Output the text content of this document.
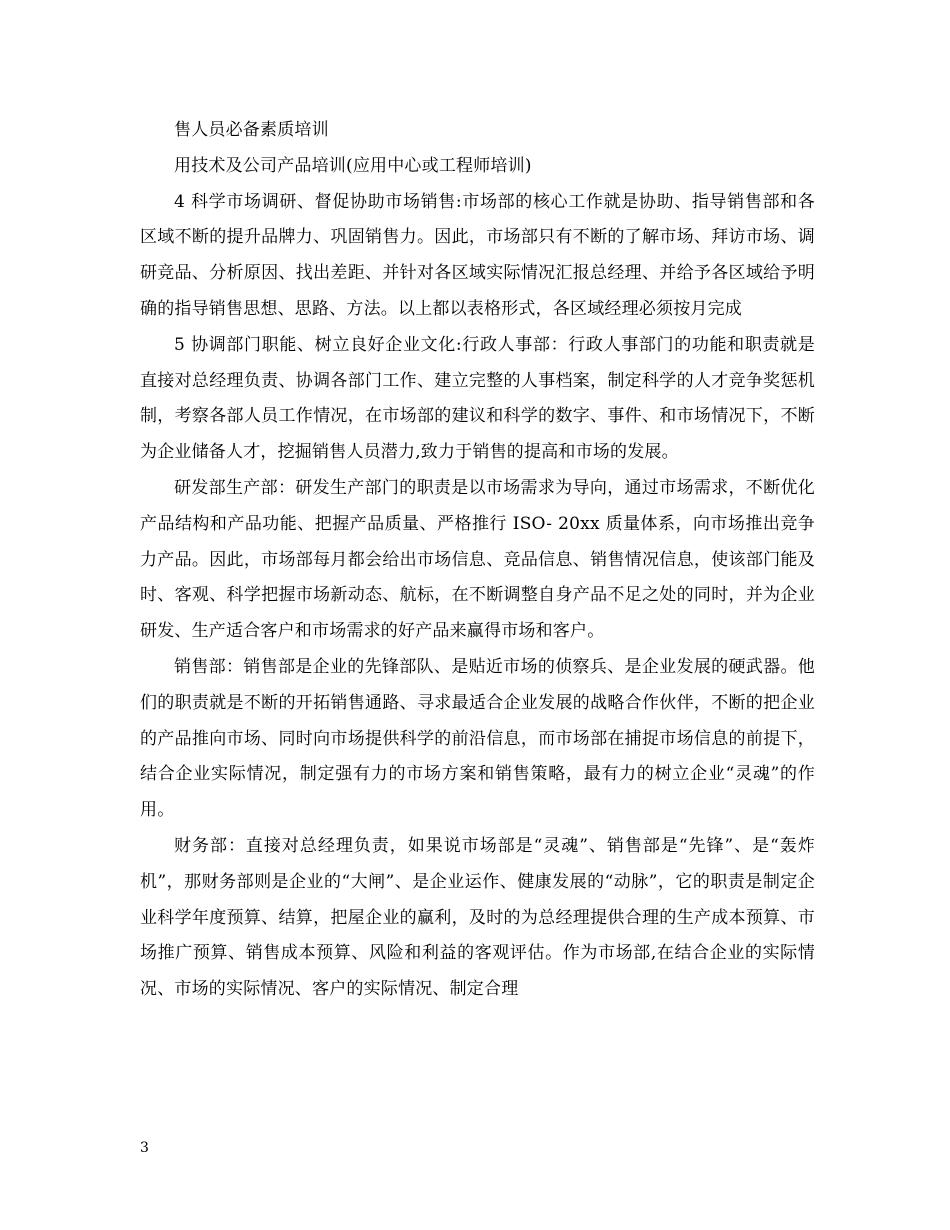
售人员必备素质培训

用技术及公司产品培训(应用中心或工程师培训)

4 科学市场调研、督促协助市场销售:市场部的核心工作就是协助、指导销售部和各区域不断的提升品牌力、巩固销售力。因此，市场部只有不断的了解市场、拜访市场、调研竞品、分析原因、找出差距、并针对各区域实际情况汇报总经理、并给予各区域给予明确的指导销售思想、思路、方法。以上都以表格形式，各区域经理必须按月完成

5 协调部门职能、树立良好企业文化:行政人事部：行政人事部门的功能和职责就是直接对总经理负责、协调各部门工作、建立完整的人事档案，制定科学的人才竞争奖惩机制，考察各部人员工作情况，在市场部的建议和科学的数字、事件、和市场情况下，不断为企业储备人才，挖掘销售人员潜力,致力于销售的提高和市场的发展。

研发部生产部：研发生产部门的职责是以市场需求为导向，通过市场需求，不断优化产品结构和产品功能、把握产品质量、严格推行 ISO- 20xx 质量体系，向市场推出竞争力产品。因此，市场部每月都会给出市场信息、竞品信息、销售情况信息，使该部门能及时、客观、科学把握市场新动态、航标，在不断调整自身产品不足之处的同时，并为企业研发、生产适合客户和市场需求的好产品来赢得市场和客户。

销售部：销售部是企业的先锋部队、是贴近市场的侦察兵、是企业发展的硬武器。他们的职责就是不断的开拓销售通路、寻求最适合企业发展的战略合作伙伴，不断的把企业的产品推向市场、同时向市场提供科学的前沿信息，而市场部在捕捉市场信息的前提下，结合企业实际情况，制定强有力的市场方案和销售策略，最有力的树立企业“灵魂”的作用。

财务部：直接对总经理负责，如果说市场部是“灵魂”、销售部是“先锋”、是“轰炸机”，那财务部则是企业的“大闸”、是企业运作、健康发展的“动脉”，它的职责是制定企业科学年度预算、结算，把屋企业的赢利，及时的为总经理提供合理的生产成本预算、市场推广预算、销售成本预算、风险和利益的客观评估。作为市场部,在结合企业的实际情况、市场的实际情况、客户的实际情况、制定合理

3
